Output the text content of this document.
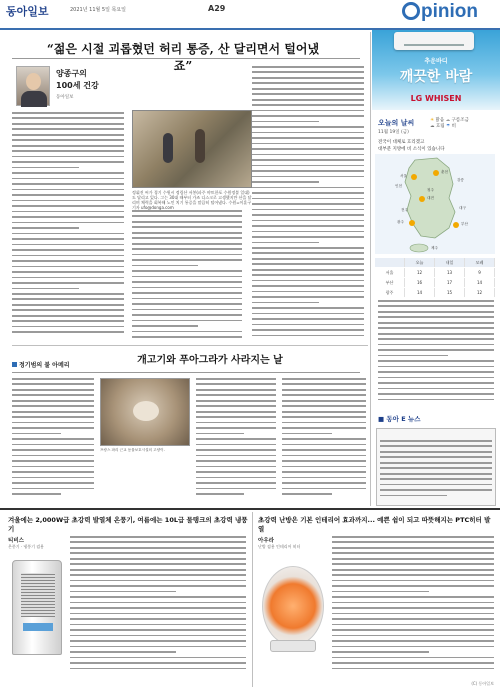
동아일보	2021년 11월 5일 목요일	A29	pinion
“젊은 시절 괴롭혔던 허리 통증, 산 달리면서 털어냈죠”
양종구의
100세 건강
동아일보
정휘진 씨가 경기 수원시 정림산 서봉(파주 야트한포 수원정붙 일대)도 달리고 있다. 그는 30대 때부터 가즈 디스크로 고생했지만 산을 달리며 체력을 회복해 노인 치기 통증을 말끔히 털어냈다. 수원=이훈구 기자 ufo@donga.com
추운바디
깨끗한 바람
LG WHISEN
오늘의 날씨
11월 19일 (금)
☀ 맑음 ☁ 구름조금
☁ 흐림 ☂ 비
전국이 대체로 흐리겠고
대부분 지방에 비 소식이 있습니다
서울
인천
춘천
강릉
대전
청주
전주
광주
대구
부산
제주
오늘	내일	모레
서울	12	13	9
부산	16	17	14
광주	14	15	12
■ 동아 E 뉴스
정기범의 불 아메리	개고기와 푸아그라가 사라지는 날
프랑스 파리 근교 동물보호시설의 고양이.
겨울에는 2,000W급 초강력 발열체 온풍기, 여름에는 10L급 물탱크의 초강력 냉풍기
티비스
온풍기 · 냉풍기 겸용
초강력 난방은 기본 인테리어 효과까지... 예쁜 쉼이 되고 따뜻해지는 PTC히터 발열
아우라
난방 겸용 인테리어 히터
(C) 동아일보
